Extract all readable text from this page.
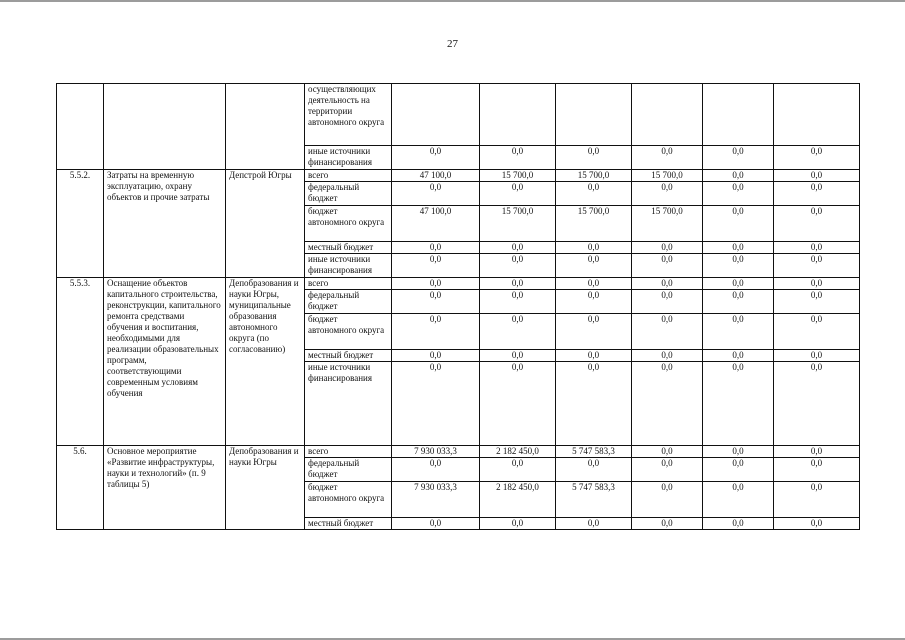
27
			осуществляющих деятельность на территории автономного округа						
			иные источники финансирования	0,0	0,0	0,0	0,0	0,0	0,0
5.5.2.	Затраты на временную эксплуатацию, охрану объектов и прочие затраты	Депстрой Югры	всего	47 100,0	15 700,0	15 700,0	15 700,0	0,0	0,0
			федеральный бюджет	0,0	0,0	0,0	0,0	0,0	0,0
			бюджет автономного округа	47 100,0	15 700,0	15 700,0	15 700,0	0,0	0,0
			местный бюджет	0,0	0,0	0,0	0,0	0,0	0,0
			иные источники финансирования	0,0	0,0	0,0	0,0	0,0	0,0
5.5.3.	Оснащение объектов капитального строительства, реконструкции, капитального ремонта средствами обучения и воспитания, необходимыми для реализации образовательных программ, соответствующими современным условиям обучения	Депобразования и науки Югры, муниципальные образования автономного округа (по согласованию)	всего	0,0	0,0	0,0	0,0	0,0	0,0
			федеральный бюджет	0,0	0,0	0,0	0,0	0,0	0,0
			бюджет автономного округа	0,0	0,0	0,0	0,0	0,0	0,0
			местный бюджет	0,0	0,0	0,0	0,0	0,0	0,0
			иные источники финансирования	0,0	0,0	0,0	0,0	0,0	0,0
5.6.	Основное мероприятие «Развитие инфраструктуры, науки и технологий» (п. 9 таблицы 5)	Депобразования и науки Югры	всего	7 930 033,3	2 182 450,0	5 747 583,3	0,0	0,0	0,0
			федеральный бюджет	0,0	0,0	0,0	0,0	0,0	0,0
			бюджет автономного округа	7 930 033,3	2 182 450,0	5 747 583,3	0,0	0,0	0,0
			местный бюджет	0,0	0,0	0,0	0,0	0,0	0,0
